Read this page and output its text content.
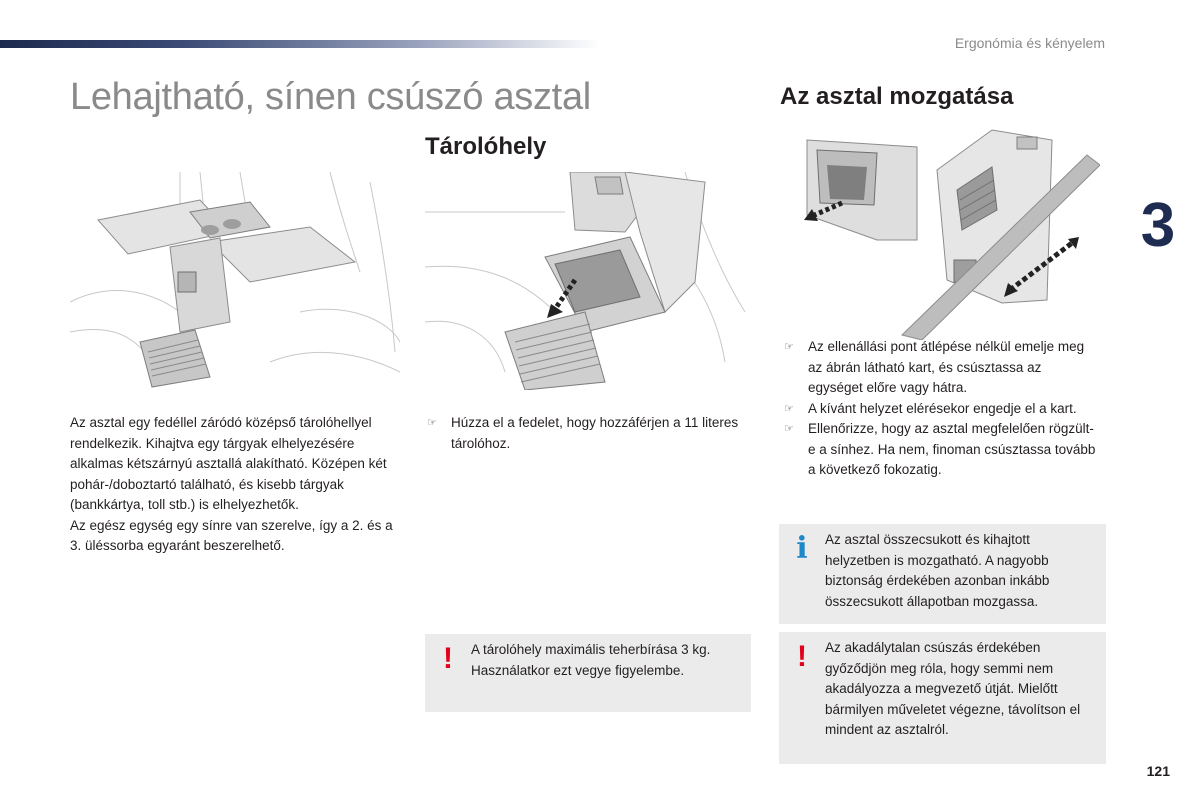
Ergonómia és kényelem
3
121
Lehajtható, sínen csúszó asztal
Tárolóhely
☞ Húzza el a fedelet, hogy hozzáférjen a 11 literes tárolóhoz.
!	A tárolóhely maximális teherbírása 3 kg. Használatkor ezt vegye figyelembe.

Az asztal egy fedéllel záródó középső tárolóhellyel rendelkezik. Kihajtva egy tárgyak elhelyezésére alkalmas kétszárnyú asztallá alakítható. Középen két pohár-/doboztartó található, és kisebb tárgyak (bankkártya, toll stb.) is elhelyezhetők.

Az egész egység egy sínre van szerelve, így a 2. és a 3. üléssorba egyaránt beszerelhető.

Az asztal mozgatása
☞ Az ellenállási pont átlépése nélkül emelje meg az ábrán látható kart, és csúsztassa az egységet előre vagy hátra.
☞ A kívánt helyzet elérésekor engedje el a kart.
☞ Ellenőrizze, hogy az asztal megfelelően rögzült-e a sínhez. Ha nem, finoman csúsztassa tovább a következő fokozatig.
i	Az asztal összecsukott és kihajtott helyzetben is mozgatható. A nagyobb biztonság érdekében azonban inkább összecsukott állapotban mozgassa.
!	Az akadálytalan csúszás érdekében győződjön meg róla, hogy semmi nem akadályozza a megvezető útját. Mielőtt bármilyen műveletet végezne, távolítson el mindent az asztalról.
